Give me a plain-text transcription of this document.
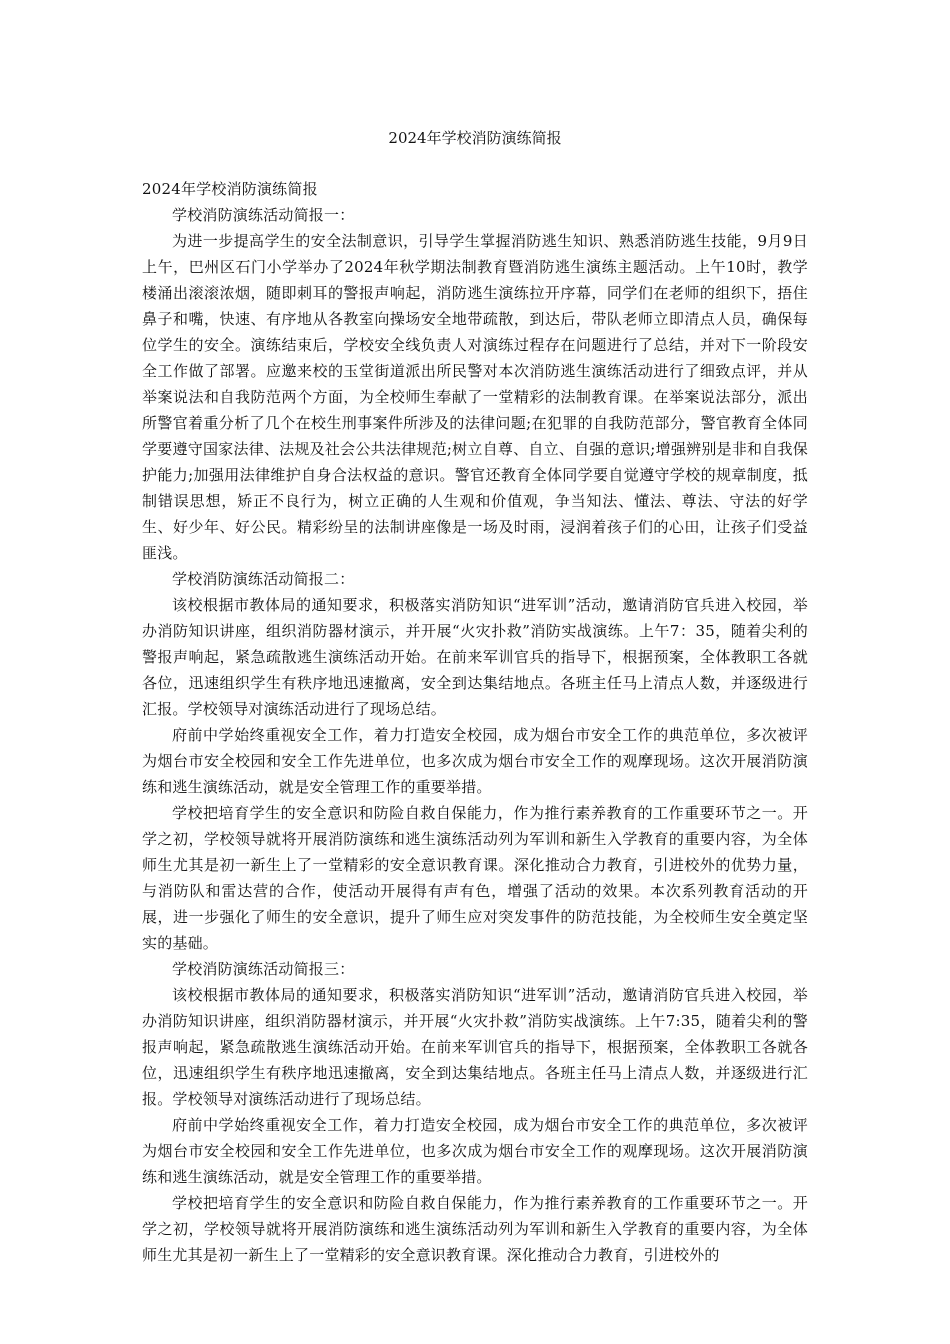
2024年学校消防演练简报

2024年学校消防演练简报

学校消防演练活动简报一：

为进一步提高学生的安全法制意识，引导学生掌握消防逃生知识、熟悉消防逃生技能，9月9日上午，巴州区石门小学举办了2024年秋学期法制教育暨消防逃生演练主题活动。上午10时，教学楼涌出滚滚浓烟，随即刺耳的警报声响起，消防逃生演练拉开序幕，同学们在老师的组织下，捂住鼻子和嘴，快速、有序地从各教室向操场安全地带疏散，到达后，带队老师立即清点人员，确保每位学生的安全。演练结束后，学校安全线负责人对演练过程存在问题进行了总结，并对下一阶段安全工作做了部署。应邀来校的玉堂街道派出所民警对本次消防逃生演练活动进行了细致点评，并从举案说法和自我防范两个方面，为全校师生奉献了一堂精彩的法制教育课。在举案说法部分，派出所警官着重分析了几个在校生刑事案件所涉及的法律问题;在犯罪的自我防范部分，警官教育全体同学要遵守国家法律、法规及社会公共法律规范;树立自尊、自立、自强的意识;增强辨别是非和自我保护能力;加强用法律维护自身合法权益的意识。警官还教育全体同学要自觉遵守学校的规章制度，抵制错误思想，矫正不良行为，树立正确的人生观和价值观，争当知法、懂法、尊法、守法的好学生、好少年、好公民。精彩纷呈的法制讲座像是一场及时雨，浸润着孩子们的心田，让孩子们受益匪浅。

学校消防演练活动简报二：

该校根据市教体局的通知要求，积极落实消防知识“进军训”活动，邀请消防官兵进入校园，举办消防知识讲座，组织消防器材演示，并开展“火灾扑救”消防实战演练。上午7：35，随着尖利的警报声响起，紧急疏散逃生演练活动开始。在前来军训官兵的指导下，根据预案，全体教职工各就各位，迅速组织学生有秩序地迅速撤离，安全到达集结地点。各班主任马上清点人数，并逐级进行汇报。学校领导对演练活动进行了现场总结。

府前中学始终重视安全工作，着力打造安全校园，成为烟台市安全工作的典范单位，多次被评为烟台市安全校园和安全工作先进单位，也多次成为烟台市安全工作的观摩现场。这次开展消防演练和逃生演练活动，就是安全管理工作的重要举措。

学校把培育学生的安全意识和防险自救自保能力，作为推行素养教育的工作重要环节之一。开学之初，学校领导就将开展消防演练和逃生演练活动列为军训和新生入学教育的重要内容，为全体师生尤其是初一新生上了一堂精彩的安全意识教育课。深化推动合力教育，引进校外的优势力量，与消防队和雷达营的合作，使活动开展得有声有色，增强了活动的效果。本次系列教育活动的开展，进一步强化了师生的安全意识，提升了师生应对突发事件的防范技能，为全校师生安全奠定坚实的基础。

学校消防演练活动简报三：

该校根据市教体局的通知要求，积极落实消防知识“进军训”活动，邀请消防官兵进入校园，举办消防知识讲座，组织消防器材演示，并开展“火灾扑救”消防实战演练。上午7:35，随着尖利的警报声响起，紧急疏散逃生演练活动开始。在前来军训官兵的指导下，根据预案，全体教职工各就各位，迅速组织学生有秩序地迅速撤离，安全到达集结地点。各班主任马上清点人数，并逐级进行汇报。学校领导对演练活动进行了现场总结。

府前中学始终重视安全工作，着力打造安全校园，成为烟台市安全工作的典范单位，多次被评为烟台市安全校园和安全工作先进单位，也多次成为烟台市安全工作的观摩现场。这次开展消防演练和逃生演练活动，就是安全管理工作的重要举措。

学校把培育学生的安全意识和防险自救自保能力，作为推行素养教育的工作重要环节之一。开学之初，学校领导就将开展消防演练和逃生演练活动列为军训和新生入学教育的重要内容，为全体师生尤其是初一新生上了一堂精彩的安全意识教育课。深化推动合力教育，引进校外的
